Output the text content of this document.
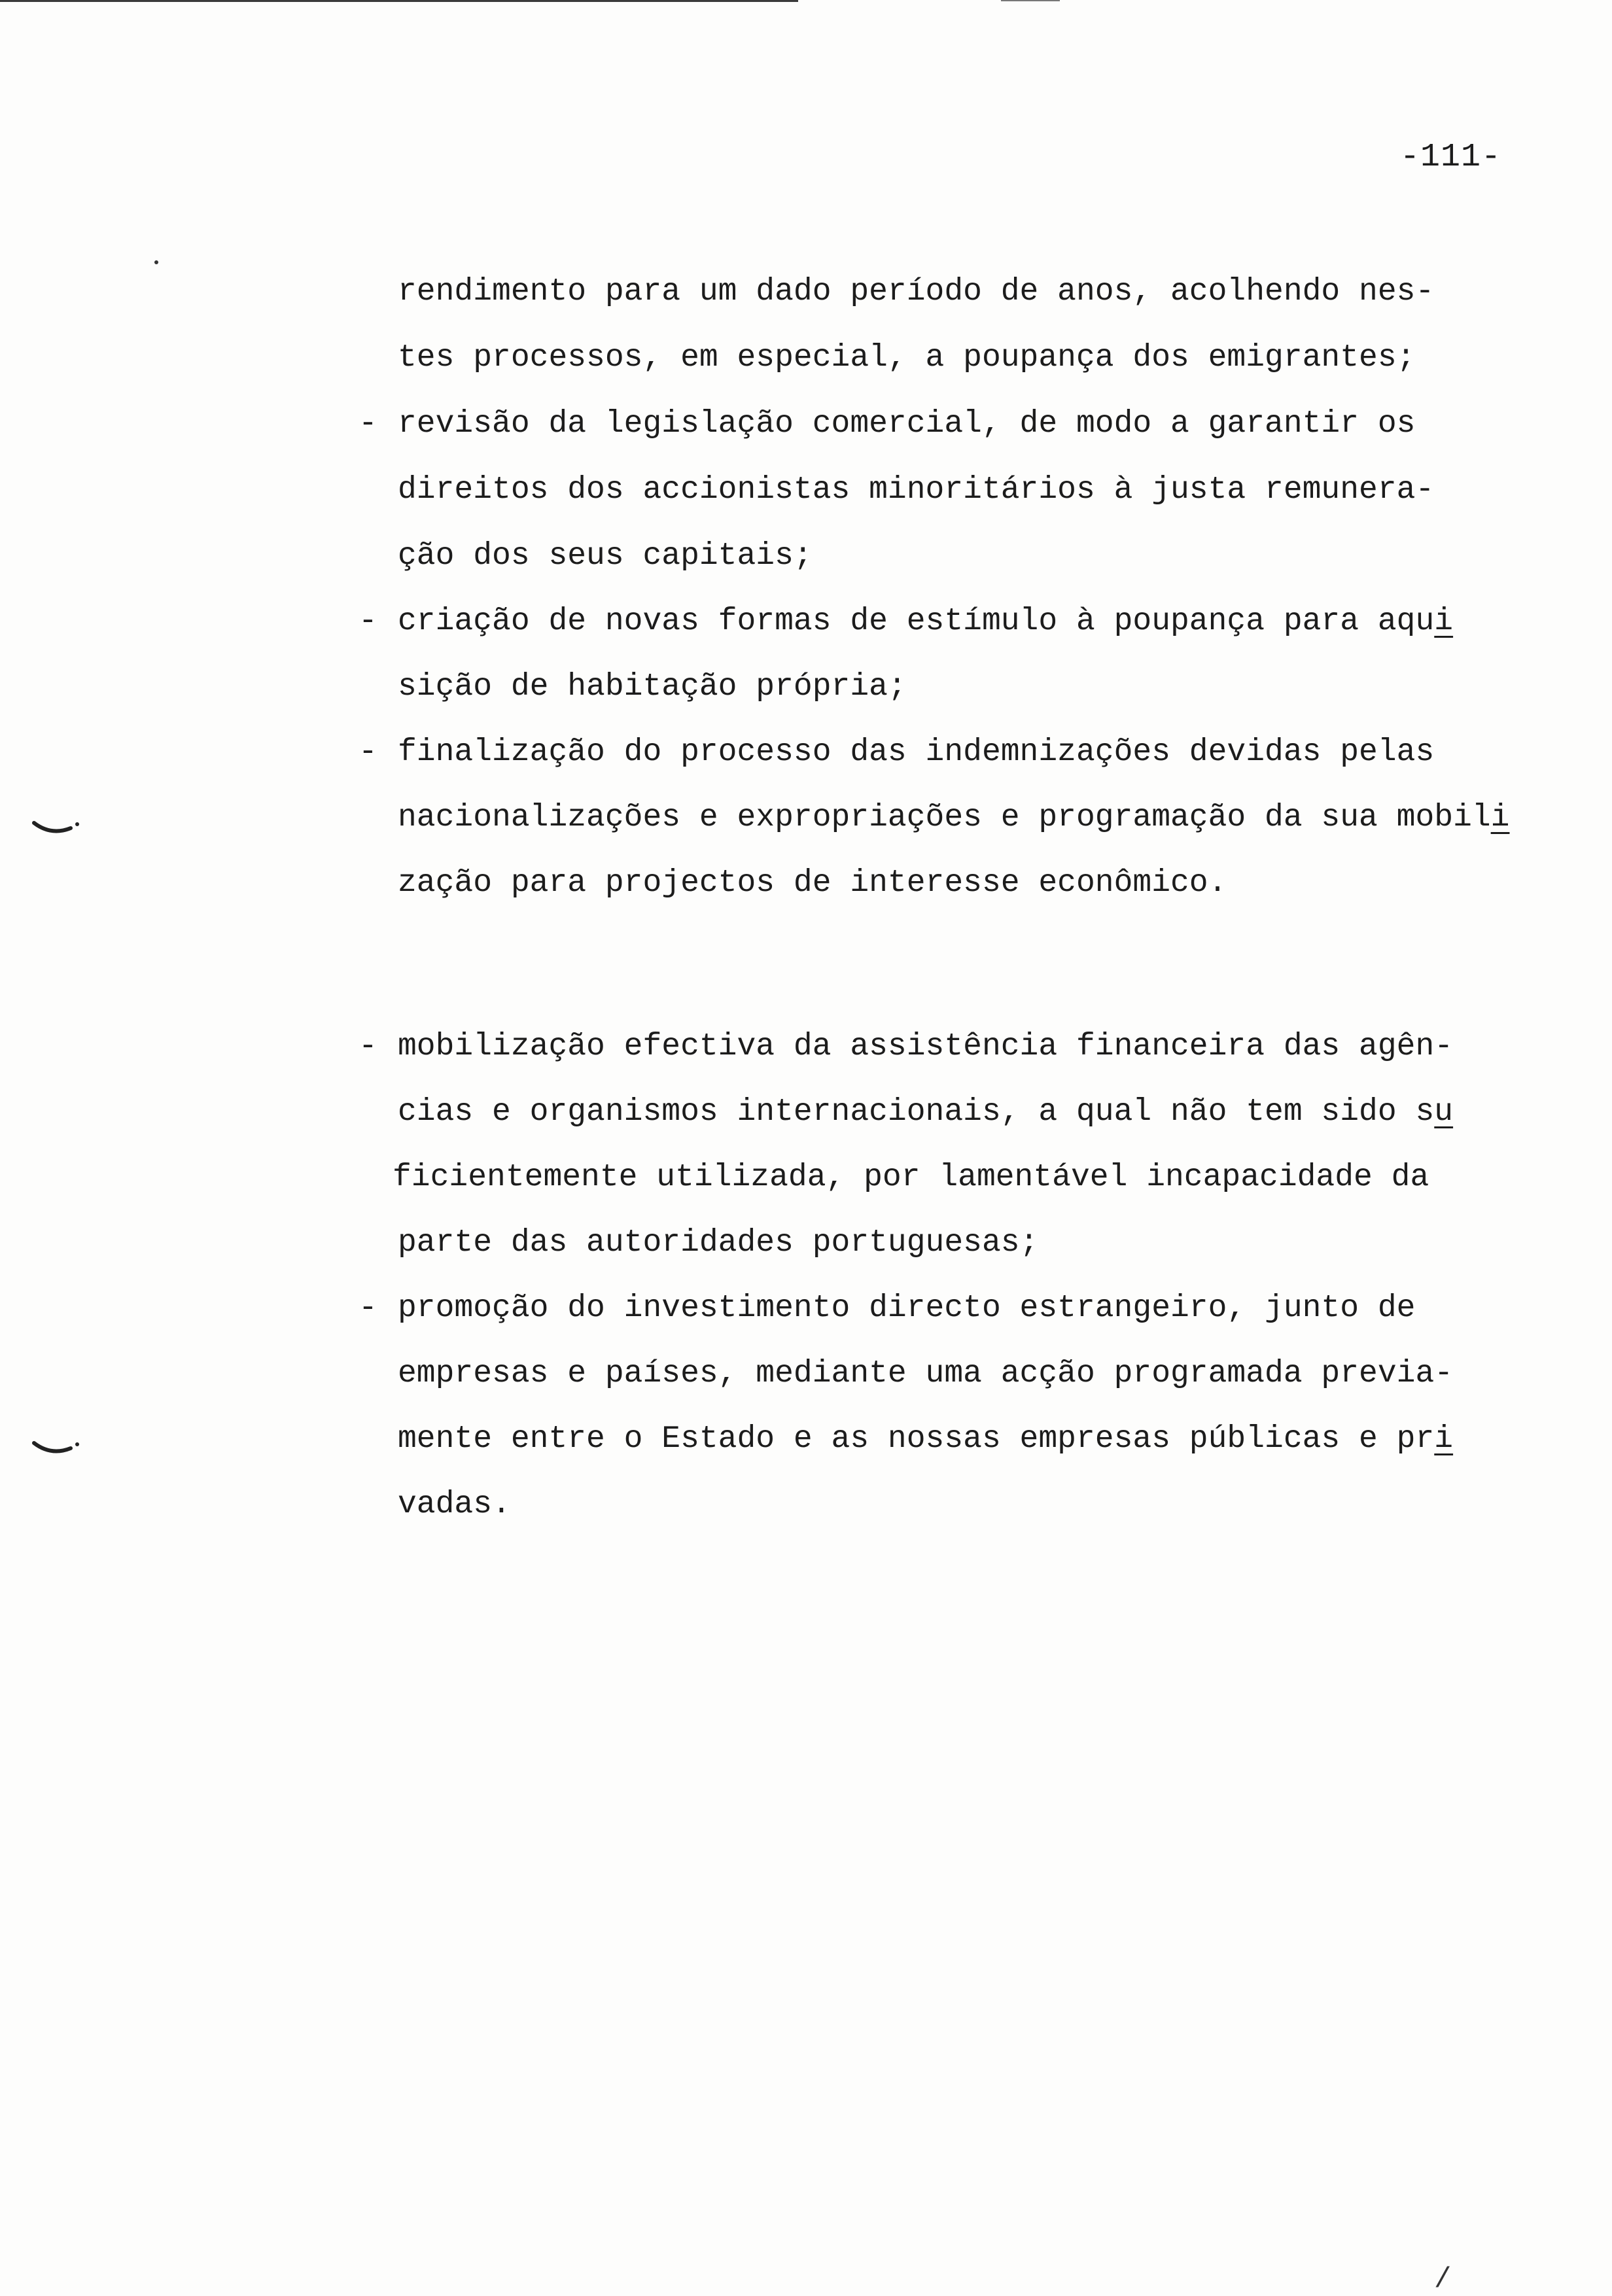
-111-
rendimento para um dado período de anos, acolhendo nes-
tes processos, em especial, a poupança dos emigrantes;
- revisão da legislação comercial, de modo a garantir os
direitos dos accionistas minoritários à justa remunera-
ção dos seus capitais;
- criação de novas formas de estímulo à poupança para aqui
sição de habitação própria;
- finalização do processo das indemnizações devidas pelas
nacionalizações e expropriações e programação da sua mobili
zação para projectos de interesse econômico.

- mobilização efectiva da assistência financeira das agên-
cias e organismos internacionais, a qual não tem sido su
ficientemente utilizada, por lamentável incapacidade da
parte das autoridades portuguesas;
- promoção do investimento directo estrangeiro, junto de
empresas e países, mediante uma acção programada previa-
mente entre o Estado e as nossas empresas públicas e pri
vadas.
/
